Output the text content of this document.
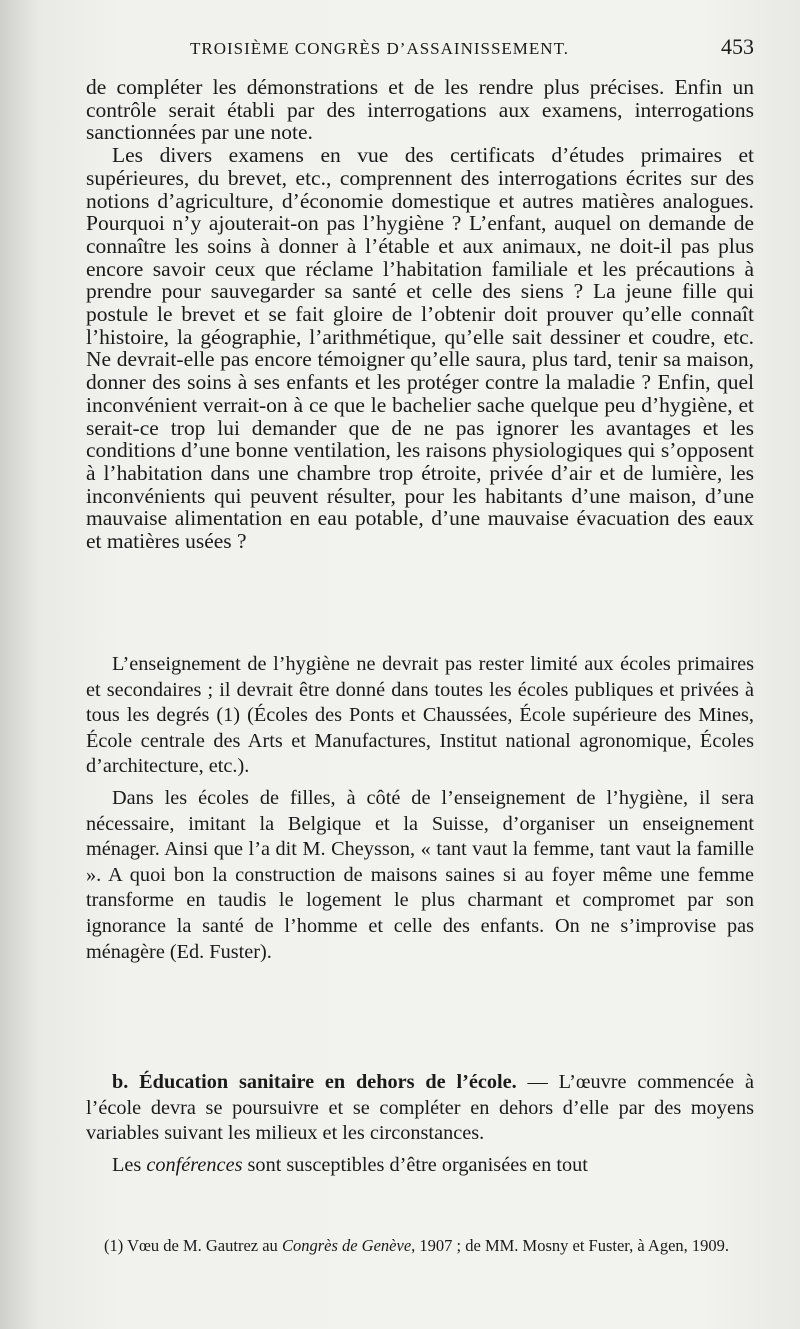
TROISIÈME CONGRÈS D’ASSAINISSEMENT.	453

de compléter les démonstrations et de les rendre plus précises. Enfin un contrôle serait établi par des interrogations aux examens, interrogations sanctionnées par une note.

Les divers examens en vue des certificats d’études primaires et supérieures, du brevet, etc., comprennent des interrogations écrites sur des notions d’agriculture, d’économie domestique et autres matières analogues. Pourquoi n’y ajouterait-on pas l’hygiène ? L’enfant, auquel on demande de connaître les soins à donner à l’étable et aux animaux, ne doit-il pas plus encore savoir ceux que réclame l’habitation familiale et les précautions à prendre pour sauvegarder sa santé et celle des siens ? La jeune fille qui postule le brevet et se fait gloire de l’obtenir doit prouver qu’elle connaît l’histoire, la géographie, l’arithmétique, qu’elle sait dessiner et coudre, etc. Ne devrait-elle pas encore témoigner qu’elle saura, plus tard, tenir sa maison, donner des soins à ses enfants et les protéger contre la maladie ? Enfin, quel inconvénient verrait-on à ce que le bachelier sache quelque peu d’hygiène, et serait-ce trop lui demander que de ne pas ignorer les avantages et les conditions d’une bonne ventilation, les raisons physiologiques qui s’opposent à l’habitation dans une chambre trop étroite, privée d’air et de lumière, les inconvénients qui peuvent résulter, pour les habitants d’une maison, d’une mauvaise alimentation en eau potable, d’une mauvaise évacuation des eaux et matières usées ?

L’enseignement de l’hygiène ne devrait pas rester limité aux écoles primaires et secondaires ; il devrait être donné dans toutes les écoles publiques et privées à tous les degrés (1) (Écoles des Ponts et Chaussées, École supérieure des Mines, École centrale des Arts et Manufactures, Institut national agronomique, Écoles d’architecture, etc.).

Dans les écoles de filles, à côté de l’enseignement de l’hygiène, il sera nécessaire, imitant la Belgique et la Suisse, d’organiser un enseignement ménager. Ainsi que l’a dit M. Cheysson, « tant vaut la femme, tant vaut la famille ». A quoi bon la construction de maisons saines si au foyer même une femme transforme en taudis le logement le plus charmant et compromet par son ignorance la santé de l’homme et celle des enfants. On ne s’improvise pas ménagère (Ed. Fuster).

b. Éducation sanitaire en dehors de l’école. — L’œuvre commencée à l’école devra se poursuivre et se compléter en dehors d’elle par des moyens variables suivant les milieux et les circonstances.

Les conférences sont susceptibles d’être organisées en tout

(1) Vœu de M. Gautrez au Congrès de Genève, 1907 ; de MM. Mosny et Fuster, à Agen, 1909.
